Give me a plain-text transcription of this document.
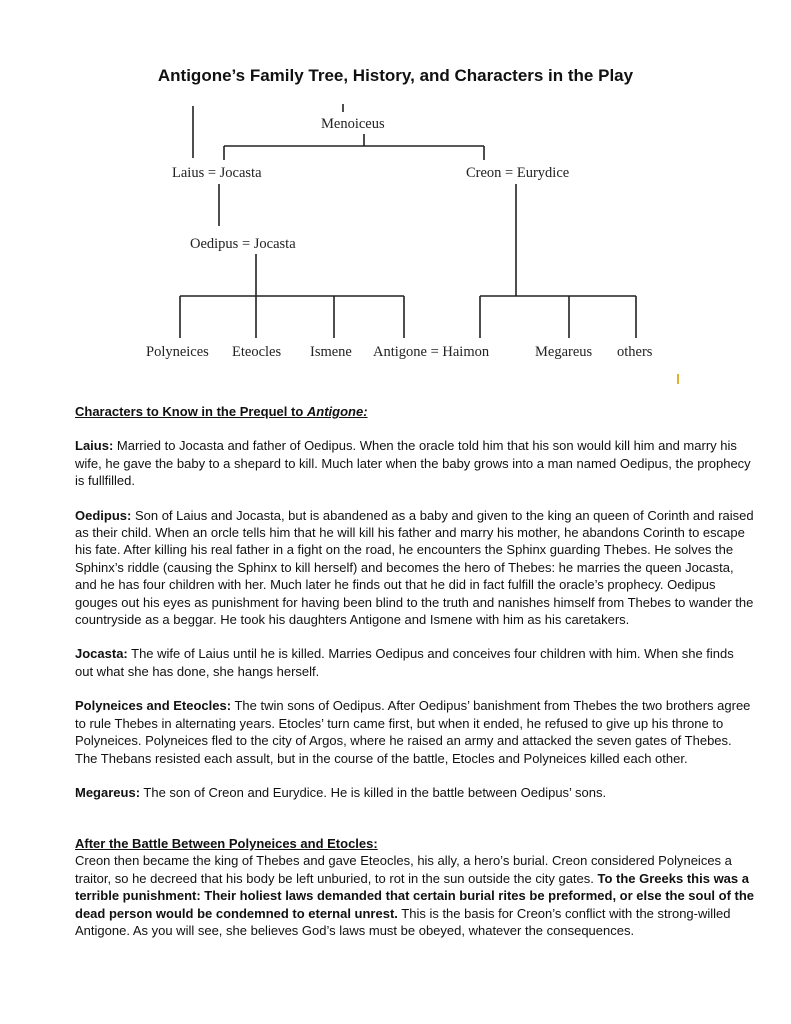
Antigone’s Family Tree, History, and Characters in the Play
Menoiceus
Laius = Jocasta	Creon = Eurydice
Oedipus = Jocasta
Polyneices Eteocles Ismene Antigone = Haimon	Megareus others

Characters to Know in the Prequel to Antigone:

Laius: Married to Jocasta and father of Oedipus. When the oracle told him that his son would kill him and marry his wife, he gave the baby to a shepard to kill. Much later when the baby grows into a man named Oedipus, the prophecy is fullfilled.

Oedipus: Son of Laius and Jocasta, but is abandened as a baby and given to the king an queen of Corinth and raised as their child. When an orcle tells him that he will kill his father and marry his mother, he abandons Corinth to escape his fate. After killing his real father in a fight on the road, he encounters the Sphinx guarding Thebes. He solves the Sphinx’s riddle (causing the Sphinx to kill herself) and becomes the hero of Thebes: he marries the queen Jocasta, and he has four children with her. Much later he finds out that he did in fact fulfill the oracle’s prophecy. Oedipus gouges out his eyes as punishment for having been blind to the truth and nanishes himself from Thebes to wander the countryside as a beggar. He took his daughters Antigone and Ismene with him as his caretakers.

Jocasta: The wife of Laius until he is killed. Marries Oedipus and conceives four children with him. When she finds out what she has done, she hangs herself.

Polyneices and Eteocles: The twin sons of Oedipus. After Oedipus’ banishment from Thebes the two brothers agree to rule Thebes in alternating years. Etocles’ turn came first, but when it ended, he refused to give up his throne to Polyneices. Polyneices fled to the city of Argos, where he raised an army and attacked the seven gates of Thebes. The Thebans resisted each assult, but in the course of the battle, Etocles and Polyneices killed each other.

Megareus: The son of Creon and Eurydice. He is killed in the battle between Oedipus’ sons.

After the Battle Between Polyneices and Etocles:
Creon then became the king of Thebes and gave Eteocles, his ally, a hero’s burial. Creon considered Polyneices a traitor, so he decreed that his body be left unburied, to rot in the sun outside the city gates. To the Greeks this was a terrible punishment: Their holiest laws demanded that certain burial rites be preformed, or else the soul of the dead person would be condemned to eternal unrest. This is the basis for Creon’s conflict with the strong-willed Antigone. As you will see, she believes God’s laws must be obeyed, whatever the consequences.
